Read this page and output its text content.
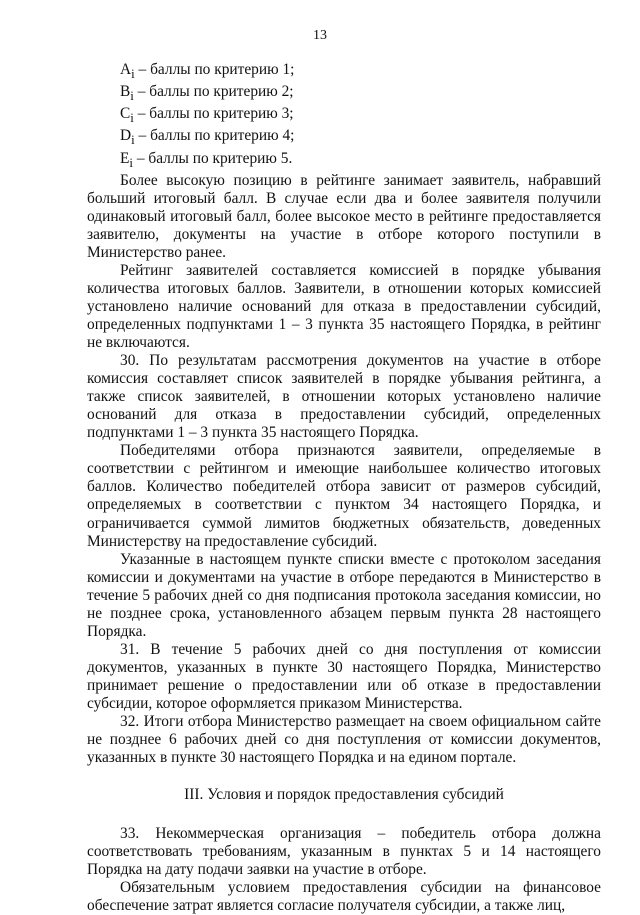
13
$A_i$ – баллы по критерию 1;
$B_i$ – баллы по критерию 2;
$C_i$ – баллы по критерию 3;
$D_i$ – баллы по критерию 4;
$E_i$ – баллы по критерию 5.

Более высокую позицию в рейтинге занимает заявитель, набравший больший итоговый балл. В случае если два и более заявителя получили одинаковый итоговый балл, более высокое место в рейтинге предоставляется заявителю, документы на участие в отборе которого поступили в Министерство ранее.

Рейтинг заявителей составляется комиссией в порядке убывания количества итоговых баллов. Заявители, в отношении которых комиссией установлено наличие оснований для отказа в предоставлении субсидий, определенных подпунктами 1 – 3 пункта 35 настоящего Порядка, в рейтинг не включаются.

30. По результатам рассмотрения документов на участие в отборе комиссия составляет список заявителей в порядке убывания рейтинга, а также список заявителей, в отношении которых установлено наличие оснований для отказа в предоставлении субсидий, определенных подпунктами 1 – 3 пункта 35 настоящего Порядка.

Победителями отбора признаются заявители, определяемые в соответствии с рейтингом и имеющие наибольшее количество итоговых баллов. Количество победителей отбора зависит от размеров субсидий, определяемых в соответствии с пунктом 34 настоящего Порядка, и ограничивается суммой лимитов бюджетных обязательств, доведенных Министерству на предоставление субсидий.

Указанные в настоящем пункте списки вместе с протоколом заседания комиссии и документами на участие в отборе передаются в Министерство в течение 5 рабочих дней со дня подписания протокола заседания комиссии, но не позднее срока, установленного абзацем первым пункта 28 настоящего Порядка.

31. В течение 5 рабочих дней со дня поступления от комиссии документов, указанных в пункте 30 настоящего Порядка, Министерство принимает решение о предоставлении или об отказе в предоставлении субсидии, которое оформляется приказом Министерства.

32. Итоги отбора Министерство размещает на своем официальном сайте не позднее 6 рабочих дней со дня поступления от комиссии документов, указанных в пункте 30 настоящего Порядка и на едином портале.

III. Условия и порядок предоставления субсидий

33. Некоммерческая организация – победитель отбора должна соответствовать требованиям, указанным в пунктах 5 и 14 настоящего Порядка на дату подачи заявки на участие в отборе.

Обязательным условием предоставления субсидии на финансовое обеспечение затрат является согласие получателя субсидии, а также лиц,
